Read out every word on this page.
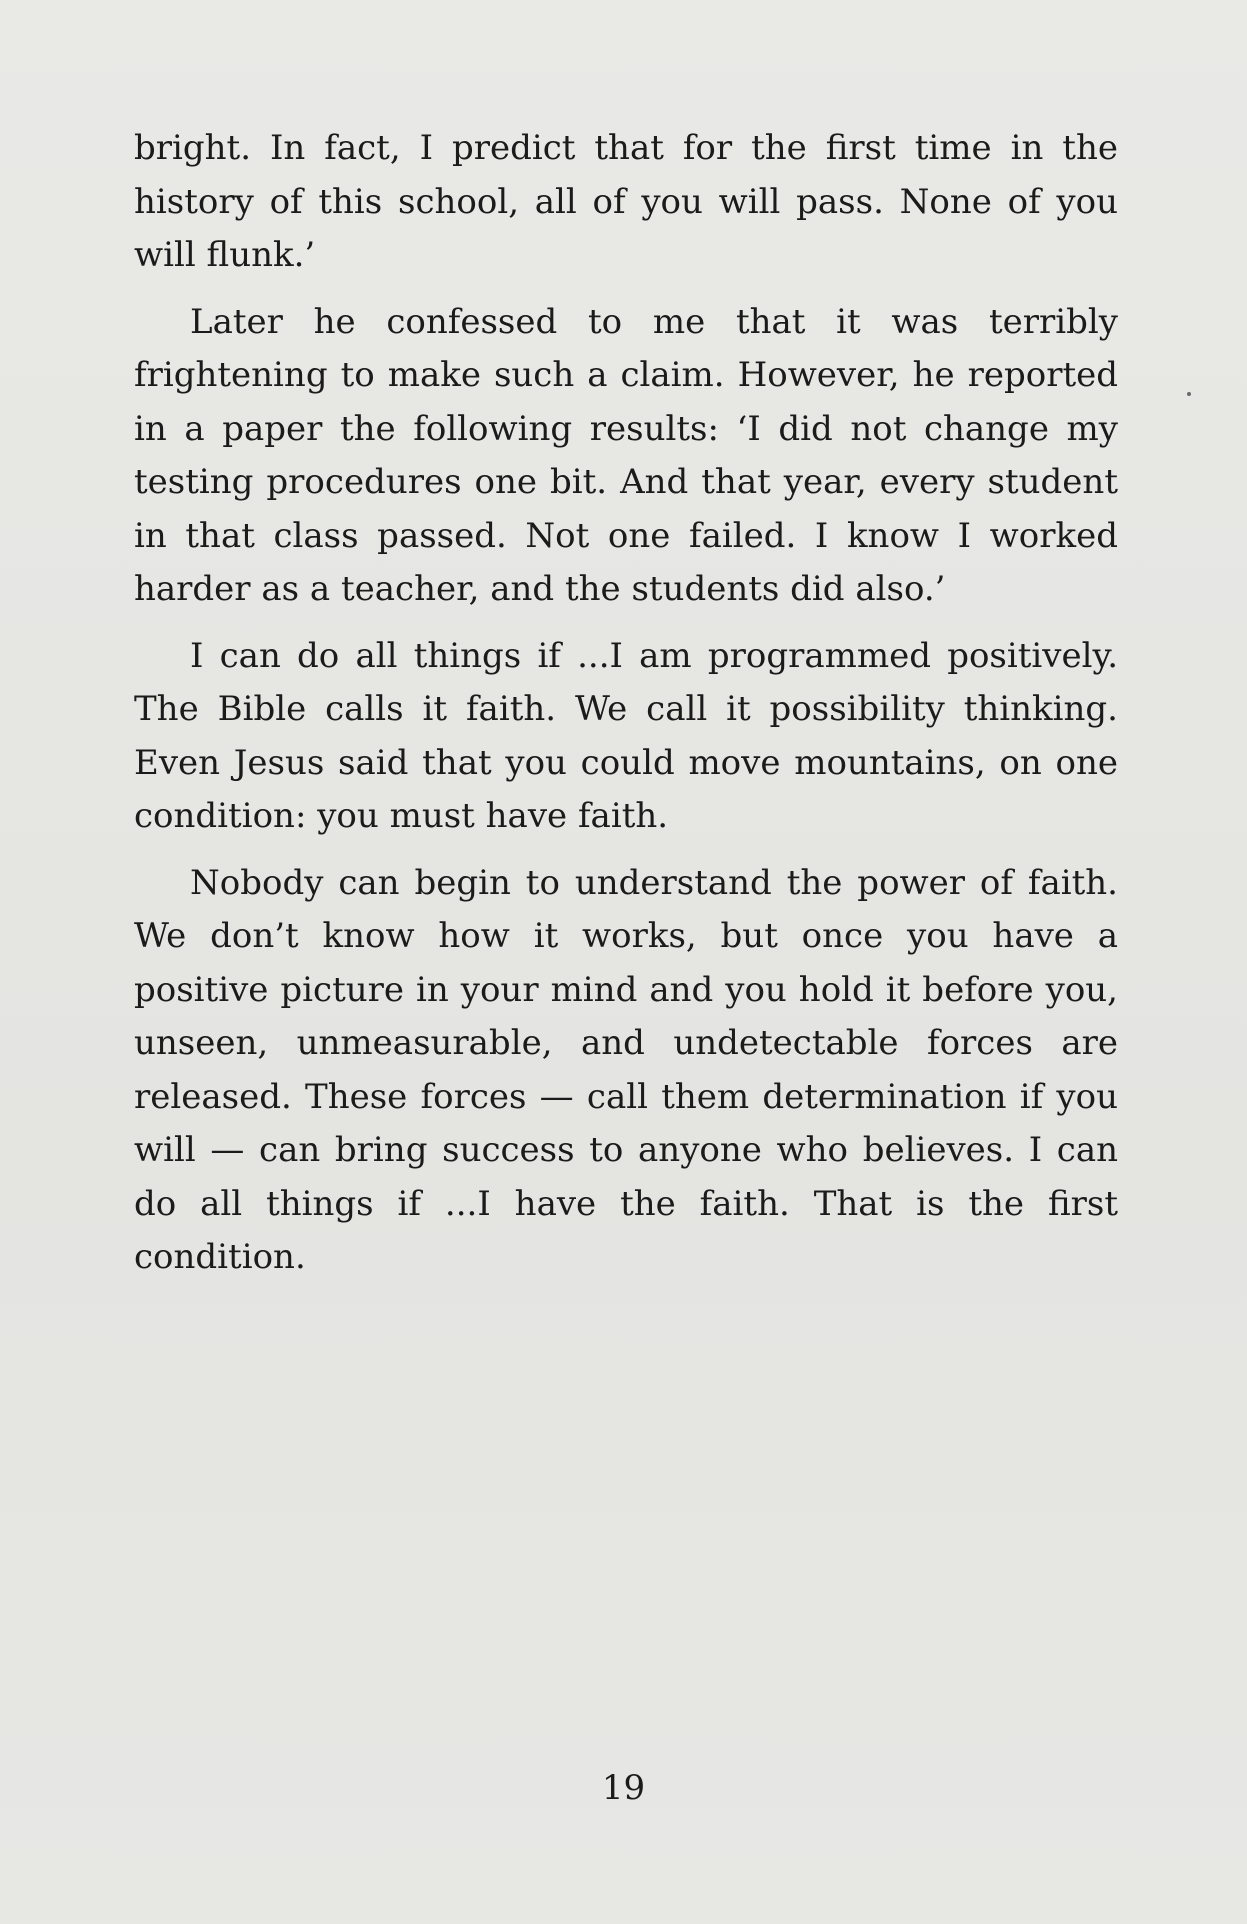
bright. In fact, I predict that for the first time in the history of this school, all of you will pass. None of you will flunk.’

Later he confessed to me that it was terribly frightening to make such a claim. However, he reported in a paper the following results: ‘I did not change my testing procedures one bit. And that year, every student in that class passed. Not one failed. I know I worked harder as a teacher, and the students did also.’

I can do all things if ...I am programmed positively. The Bible calls it faith. We call it possibility thinking. Even Jesus said that you could move mountains, on one condition: you must have faith.

Nobody can begin to understand the power of faith. We don’t know how it works, but once you have a positive picture in your mind and you hold it before you, unseen, unmeasurable, and undetectable forces are released. These forces — call them determination if you will — can bring success to anyone who believes. I can do all things if ...I have the faith. That is the first condition.

19
